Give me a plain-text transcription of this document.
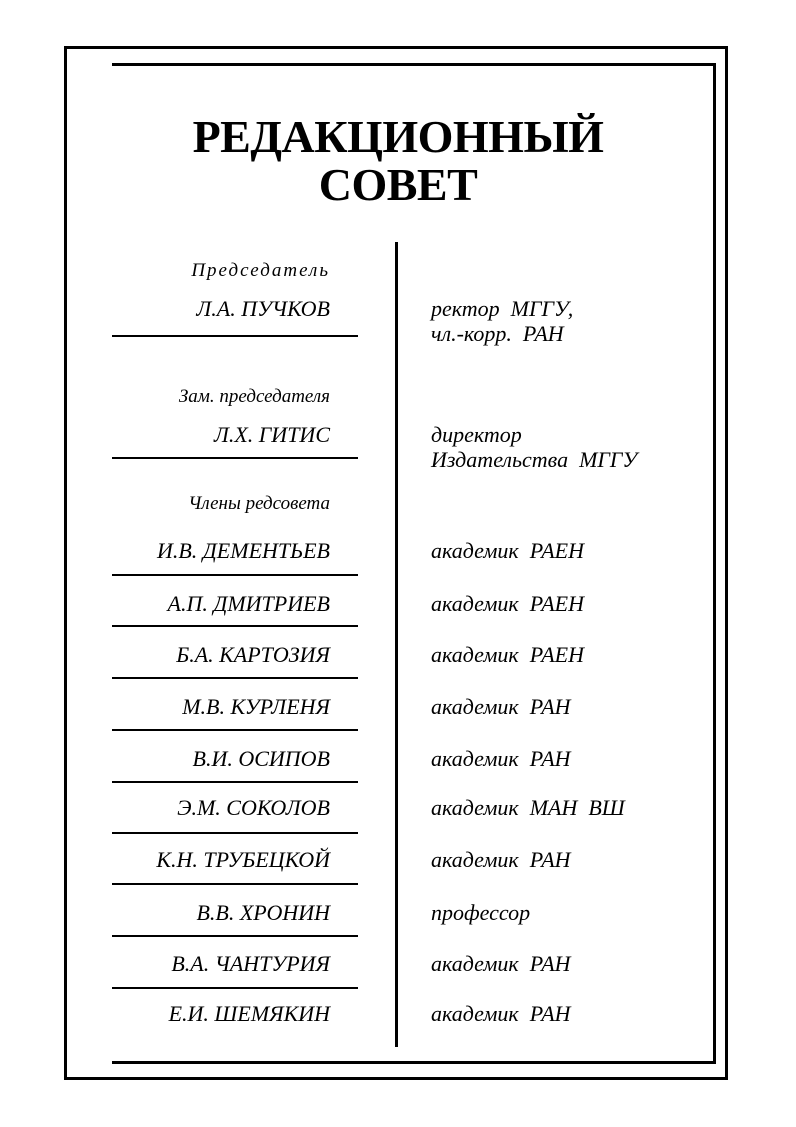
РЕДАКЦИОННЫЙ
СОВЕТ
Председатель
Л.А. ПУЧКОВ	ректор  МГГУ,
чл.-корр.  РАН
Зам. председателя
Л.Х. ГИТИС	директор
Издательства  МГГУ
Члены редсовета
И.В. ДЕМЕНТЬЕВ	академик  РАЕН
А.П. ДМИТРИЕВ	академик  РАЕН
Б.А. КАРТОЗИЯ	академик  РАЕН
М.В. КУРЛЕНЯ	академик  РАН
В.И. ОСИПОВ	академик  РАН
Э.М. СОКОЛОВ	академик  МАН  ВШ
К.Н. ТРУБЕЦКОЙ	академик  РАН
В.В. ХРОНИН	профессор
В.А. ЧАНТУРИЯ	академик  РАН
Е.И. ШЕМЯКИН	академик  РАН
